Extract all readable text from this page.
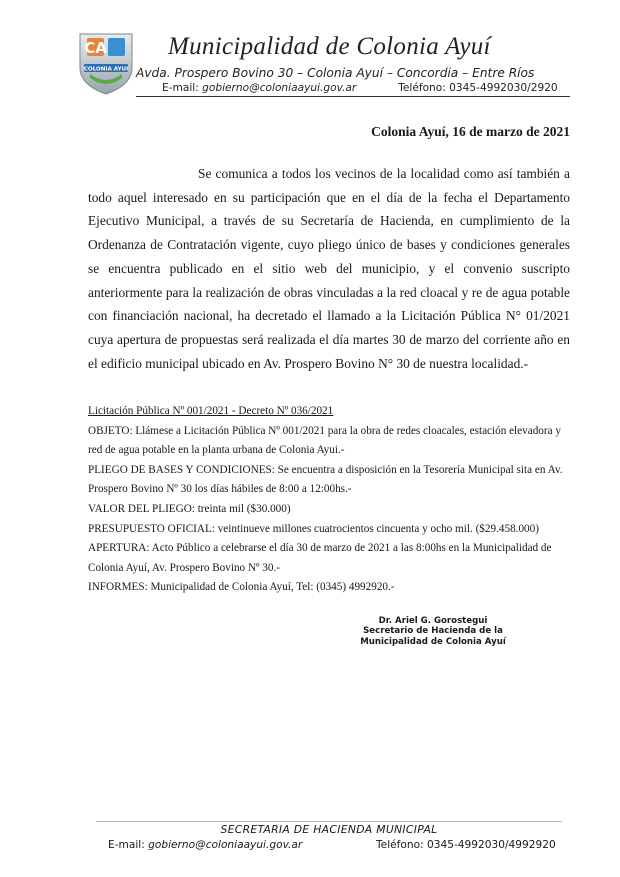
CA
COLONIA AYUI
Municipalidad de Colonia Ayuí
Avda. Prospero Bovino 30 – Colonia Ayuí – Concordia – Entre Ríos
E-mail: gobierno@coloniaayui.gov.ar	Teléfono: 0345-4992030/2920
Colonia Ayuí, 16 de marzo de 2021

Se comunica a todos los vecinos de la localidad como así también a todo aquel interesado en su participación que en el día de la fecha el Departamento Ejecutivo Municipal, a través de su Secretaría de Hacienda, en cumplimiento de la Ordenanza de Contratación vigente, cuyo pliego único de bases y condiciones generales se encuentra publicado en el sitio web del municipio, y el convenio suscripto anteriormente para la realización de obras vinculadas a la red cloacal y re de agua potable con financiación nacional, ha decretado el llamado a la Licitación Pública N° 01/2021 cuya apertura de propuestas será realizada el día martes 30 de marzo del corriente año en el edificio municipal ubicado en Av. Prospero Bovino N° 30 de nuestra localidad.-

Licitación Pública Nº 001/2021 - Decreto Nº 036/2021

OBJETO: Llámese a Licitación Pública Nº 001/2021 para la obra de redes cloacales, estación elevadora y red de agua potable en la planta urbana de Colonia Ayui.-

PLIEGO DE BASES Y CONDICIONES: Se encuentra a disposición en la Tesorería Municipal sita en Av. Prospero Bovino Nº 30 los días hábiles de 8:00 a 12:00hs.-

VALOR DEL PLIEGO: treinta mil ($30.000)

PRESUPUESTO OFICIAL: veintinueve millones cuatrocientos cincuenta y ocho mil. ($29.458.000)

APERTURA: Acto Público a celebrarse el día 30 de marzo de 2021 a las 8:00hs en la Municipalidad de Colonia Ayuí, Av. Prospero Bovino Nº 30.-

INFORMES: Municipalidad de Colonia Ayuí, Tel: (0345) 4992920.-

Dr. Ariel G. Gorostegui
Secretario de Hacienda de la
Municipalidad de Colonia Ayuí
SECRETARIA DE HACIENDA MUNICIPAL
E-mail: gobierno@coloniaayui.gov.ar	Teléfono: 0345-4992030/4992920
